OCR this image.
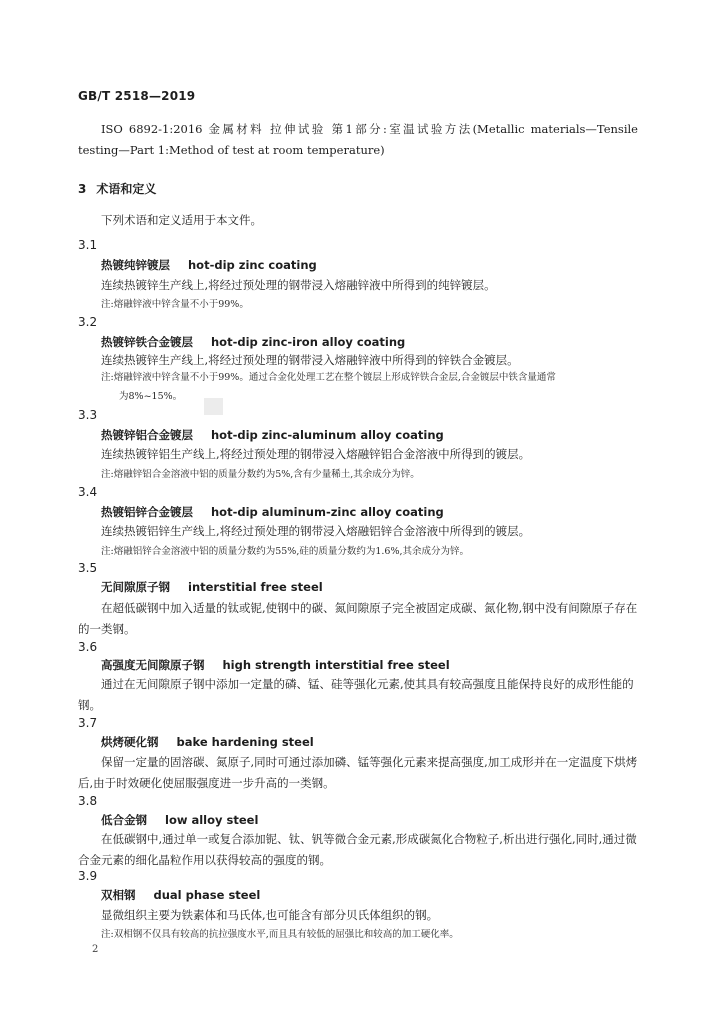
GB/T 2518—2019
ISO 6892-1:2016 金属材料 拉伸试验 第1部分:室温试验方法(Metallic materials—Tensile
testing—Part 1:Method of test at room temperature)
3 术语和定义
下列术语和定义适用于本文件。
3.1
热镀纯锌镀层 hot-dip zinc coating
连续热镀锌生产线上,将经过预处理的钢带浸入熔融锌液中所得到的纯锌镀层。
注:熔融锌液中锌含量不小于99%。
3.2
热镀锌铁合金镀层 hot-dip zinc-iron alloy coating
连续热镀锌生产线上,将经过预处理的钢带浸入熔融锌液中所得到的锌铁合金镀层。
注:熔融锌液中锌含量不小于99%。通过合金化处理工艺在整个镀层上形成锌铁合金层,合金镀层中铁含量通常
为8%~15%。
3.3
热镀锌铝合金镀层 hot-dip zinc-aluminum alloy coating
连续热镀锌铝生产线上,将经过预处理的钢带浸入熔融锌铝合金溶液中所得到的镀层。
注:熔融锌铝合金溶液中铝的质量分数约为5%,含有少量稀土,其余成分为锌。
3.4
热镀铝锌合金镀层 hot-dip aluminum-zinc alloy coating
连续热镀铝锌生产线上,将经过预处理的钢带浸入熔融铝锌合金溶液中所得到的镀层。
注:熔融铝锌合金溶液中铝的质量分数约为55%,硅的质量分数约为1.6%,其余成分为锌。
3.5
无间隙原子钢 interstitial free steel
在超低碳钢中加入适量的钛或铌,使钢中的碳、氮间隙原子完全被固定成碳、氮化物,钢中没有间隙原子存在的一类钢。
3.6
高强度无间隙原子钢 high strength interstitial free steel
通过在无间隙原子钢中添加一定量的磷、锰、硅等强化元素,使其具有较高强度且能保持良好的成形性能的钢。
3.7
烘烤硬化钢 bake hardening steel
保留一定量的固溶碳、氮原子,同时可通过添加磷、锰等强化元素来提高强度,加工成形并在一定温度下烘烤后,由于时效硬化使屈服强度进一步升高的一类钢。
3.8
低合金钢 low alloy steel
在低碳钢中,通过单一或复合添加铌、钛、钒等微合金元素,形成碳氮化合物粒子,析出进行强化,同时,通过微合金元素的细化晶粒作用以获得较高的强度的钢。
3.9
双相钢 dual phase steel
显微组织主要为铁素体和马氏体,也可能含有部分贝氏体组织的钢。
注:双相钢不仅具有较高的抗拉强度水平,而且具有较低的屈强比和较高的加工硬化率。
2
